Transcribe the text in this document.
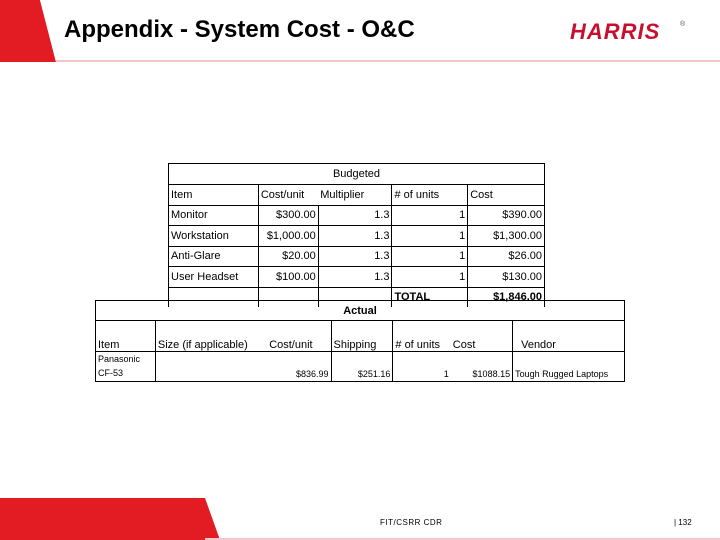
Appendix - System Cost - O&C	HARRIS	®
Budgeted				
Item	Cost/unit	Multiplier	# of units	Cost
Monitor	$300.00	1.3	1	$390.00
Workstation	$1,000.00	1.3	1	$1,300.00
Anti-Glare	$20.00	1.3	1	$26.00
User Headset	$100.00	1.3	1	$130.00
			TOTAL	$1,846.00
Actual						
Item	Size (if applicable)	Cost/unit	Shipping	# of units	Cost	Vendor

Panasonic
CF-53		$836.99	$251.16	1	$1088.15	Tough Rugged Laptops
FIT/CSRR CDR	| 132
